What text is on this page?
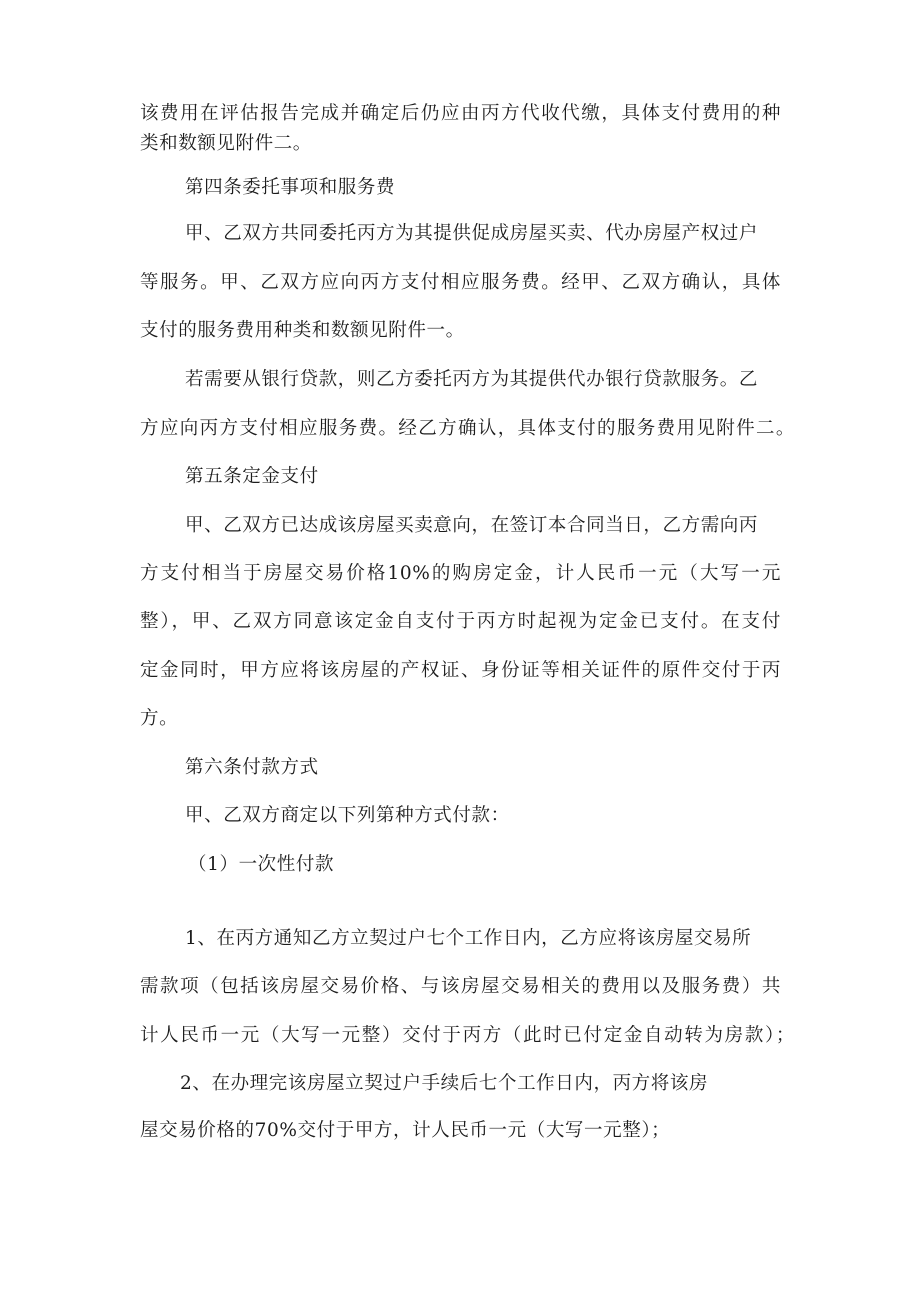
该费用在评估报告完成并确定后仍应由丙方代收代缴，具体支付费用的种

类和数额见附件二。

第四条委托事项和服务费

甲、乙双方共同委托丙方为其提供促成房屋买卖、代办房屋产权过户

等服务。甲、乙双方应向丙方支付相应服务费。经甲、乙双方确认，具体

支付的服务费用种类和数额见附件一。

若需要从银行贷款，则乙方委托丙方为其提供代办银行贷款服务。乙

方应向丙方支付相应服务费。经乙方确认，具体支付的服务费用见附件二。

第五条定金支付

甲、乙双方已达成该房屋买卖意向，在签订本合同当日，乙方需向丙

方支付相当于房屋交易价格10%的购房定金，计人民币一元（大写一元

整），甲、乙双方同意该定金自支付于丙方时起视为定金已支付。在支付

定金同时，甲方应将该房屋的产权证、身份证等相关证件的原件交付于丙

方。

第六条付款方式

甲、乙双方商定以下列第种方式付款：

（1）一次性付款

1、在丙方通知乙方立契过户七个工作日内，乙方应将该房屋交易所

需款项（包括该房屋交易价格、与该房屋交易相关的费用以及服务费）共

计人民币一元（大写一元整）交付于丙方（此时已付定金自动转为房款）；

2、在办理完该房屋立契过户手续后七个工作日内，丙方将该房

屋交易价格的70%交付于甲方，计人民币一元（大写一元整）；
